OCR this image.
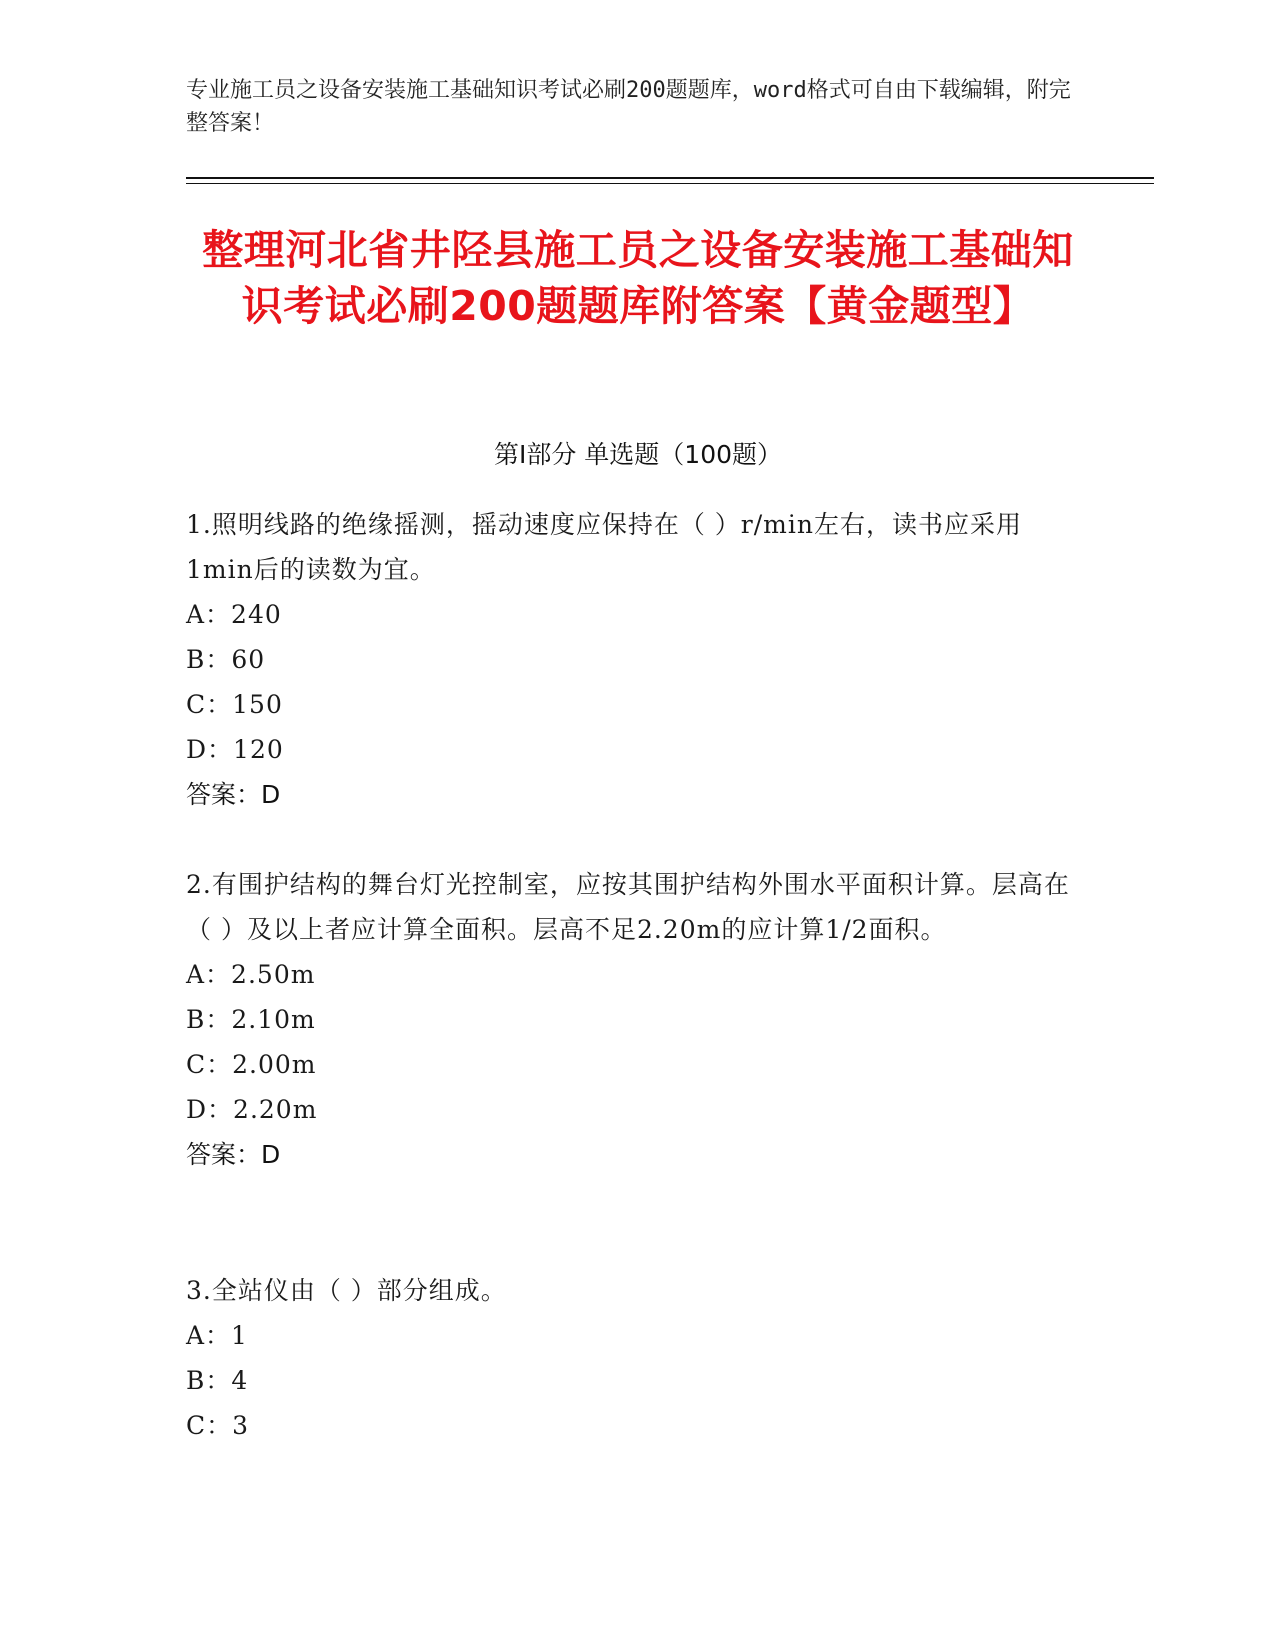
专业施工员之设备安装施工基础知识考试必刷200题题库，word格式可自由下载编辑，附完整答案！
整理河北省井陉县施工员之设备安装施工基础知识考试必刷200题题库附答案【黄金题型】
第I部分 单选题（100题）
1.照明线路的绝缘摇测，摇动速度应保持在（ ）r/min左右，读书应采用1min后的读数为宜。
A：240
B：60
C：150
D：120
答案：D
2.有围护结构的舞台灯光控制室，应按其围护结构外围水平面积计算。层高在（ ）及以上者应计算全面积。层高不足2.20m的应计算1/2面积。
A：2.50m
B：2.10m
C：2.00m
D：2.20m
答案：D
3.全站仪由（ ）部分组成。
A：1
B：4
C：3
